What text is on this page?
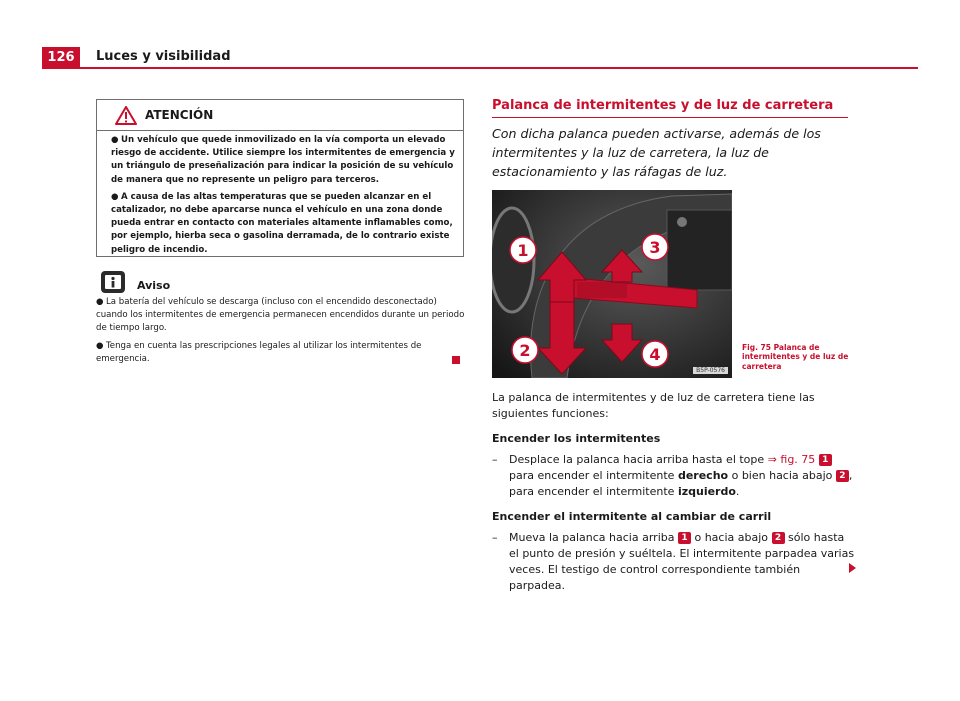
126	Luces y visibilidad
ATENCIÓN

● Un vehículo que quede inmovilizado en la vía comporta un elevado riesgo de accidente. Utilice siempre los intermitentes de emergencia y un triángulo de preseñalización para indicar la posición de su vehículo de manera que no represente un peligro para terceros.

● A causa de las altas temperaturas que se pueden alcanzar en el catalizador, no debe aparcarse nunca el vehículo en una zona donde pueda entrar en contacto con materiales altamente inflamables como, por ejemplo, hierba seca o gasolina derramada, de lo contrario existe peligro de incendio.

Aviso

● La batería del vehículo se descarga (incluso con el encendido desconectado) cuando los intermitentes de emergencia permanecen encendidos durante un periodo de tiempo largo.

● Tenga en cuenta las prescripciones legales al utilizar los intermitentes de emergencia.

Palanca de intermitentes y de luz de carretera
Con dicha palanca pueden activarse, además de los intermitentes y la luz de carretera, la luz de estacionamiento y las ráfagas de luz.
1
2
3
4
B5P-0576
Fig. 75 Palanca de intermitentes y de luz de carretera

La palanca de intermitentes y de luz de carretera tiene las siguientes funciones:

Encender los intermitentes

– Desplace la palanca hacia arriba hasta el tope ⇒ fig. 75 1 para encender el intermitente derecho o bien hacia abajo 2 , para encender el intermitente izquierdo.

Encender el intermitente al cambiar de carril

– Mueva la palanca hacia arriba 1 o hacia abajo 2 sólo hasta el punto de presión y suéltela. El intermitente parpadea varias veces. El testigo de control correspondiente también parpadea.
